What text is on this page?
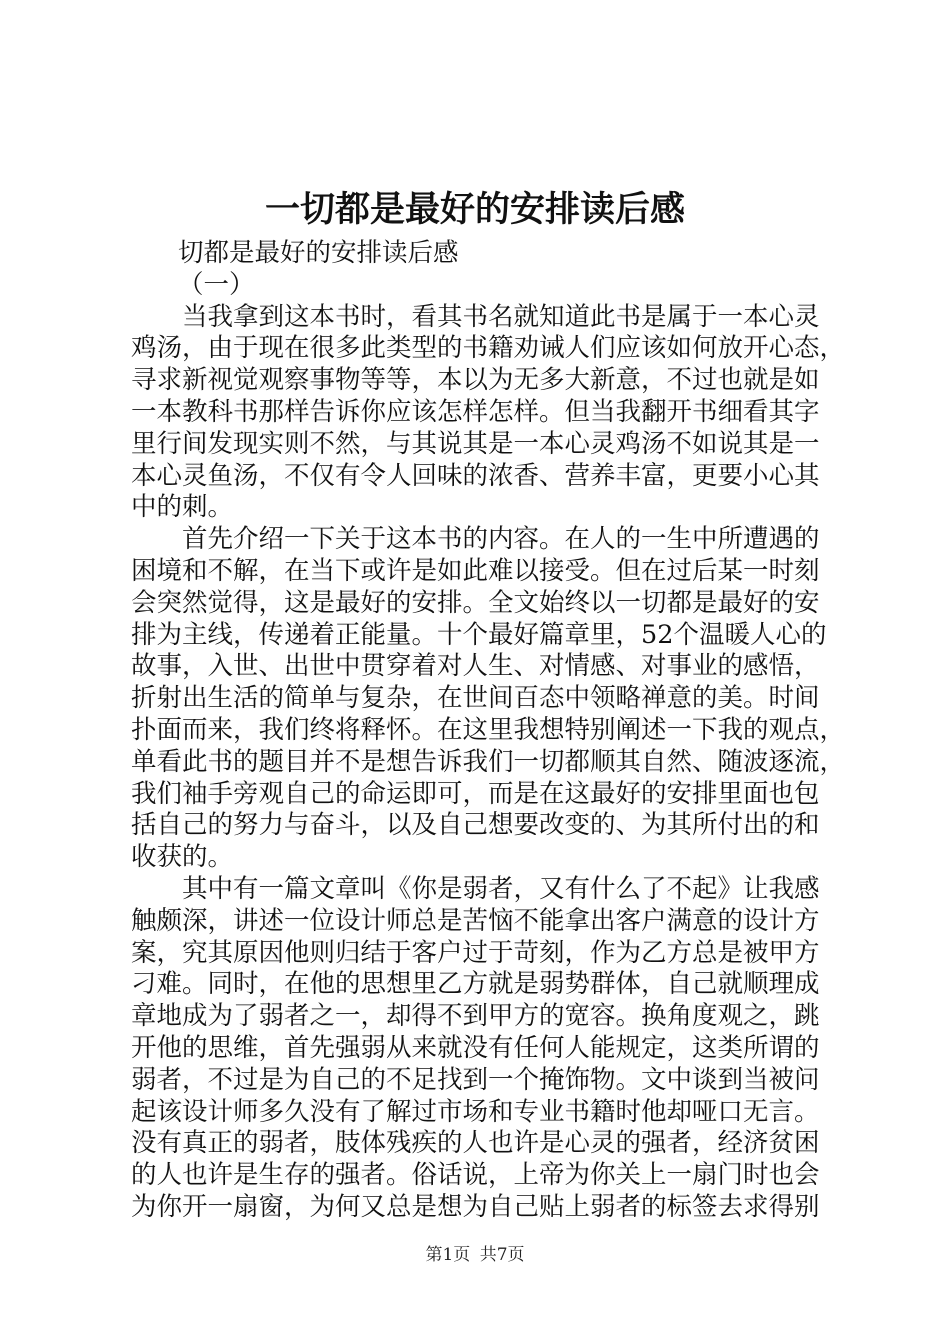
一切都是最好的安排读后感
切都是最好的安排读后感
（一）
当我拿到这本书时，看其书名就知道此书是属于一本心灵
鸡汤，由于现在很多此类型的书籍劝诫人们应该如何放开心态，
寻求新视觉观察事物等等，本以为无多大新意，不过也就是如
一本教科书那样告诉你应该怎样怎样。但当我翻开书细看其字
里行间发现实则不然，与其说其是一本心灵鸡汤不如说其是一
本心灵鱼汤，不仅有令人回味的浓香、营养丰富，更要小心其
中的刺。
首先介绍一下关于这本书的内容。在人的一生中所遭遇的
困境和不解，在当下或许是如此难以接受。但在过后某一时刻
会突然觉得，这是最好的安排。全文始终以一切都是最好的安
排为主线，传递着正能量。十个最好篇章里，52个温暖人心的
故事，入世、出世中贯穿着对人生、对情感、对事业的感悟，
折射出生活的简单与复杂，在世间百态中领略禅意的美。时间
扑面而来，我们终将释怀。在这里我想特别阐述一下我的观点，
单看此书的题目并不是想告诉我们一切都顺其自然、随波逐流，
我们袖手旁观自己的命运即可，而是在这最好的安排里面也包
括自己的努力与奋斗，以及自己想要改变的、为其所付出的和
收获的。
其中有一篇文章叫《你是弱者，又有什么了不起》让我感
触颇深，讲述一位设计师总是苦恼不能拿出客户满意的设计方
案，究其原因他则归结于客户过于苛刻，作为乙方总是被甲方
刁难。同时，在他的思想里乙方就是弱势群体，自己就顺理成
章地成为了弱者之一，却得不到甲方的宽容。换角度观之，跳
开他的思维，首先强弱从来就没有任何人能规定，这类所谓的
弱者，不过是为自己的不足找到一个掩饰物。文中谈到当被问
起该设计师多久没有了解过市场和专业书籍时他却哑口无言。
没有真正的弱者，肢体残疾的人也许是心灵的强者，经济贫困
的人也许是生存的强者。俗话说，上帝为你关上一扇门时也会
为你开一扇窗，为何又总是想为自己贴上弱者的标签去求得别
第1页 共7页
